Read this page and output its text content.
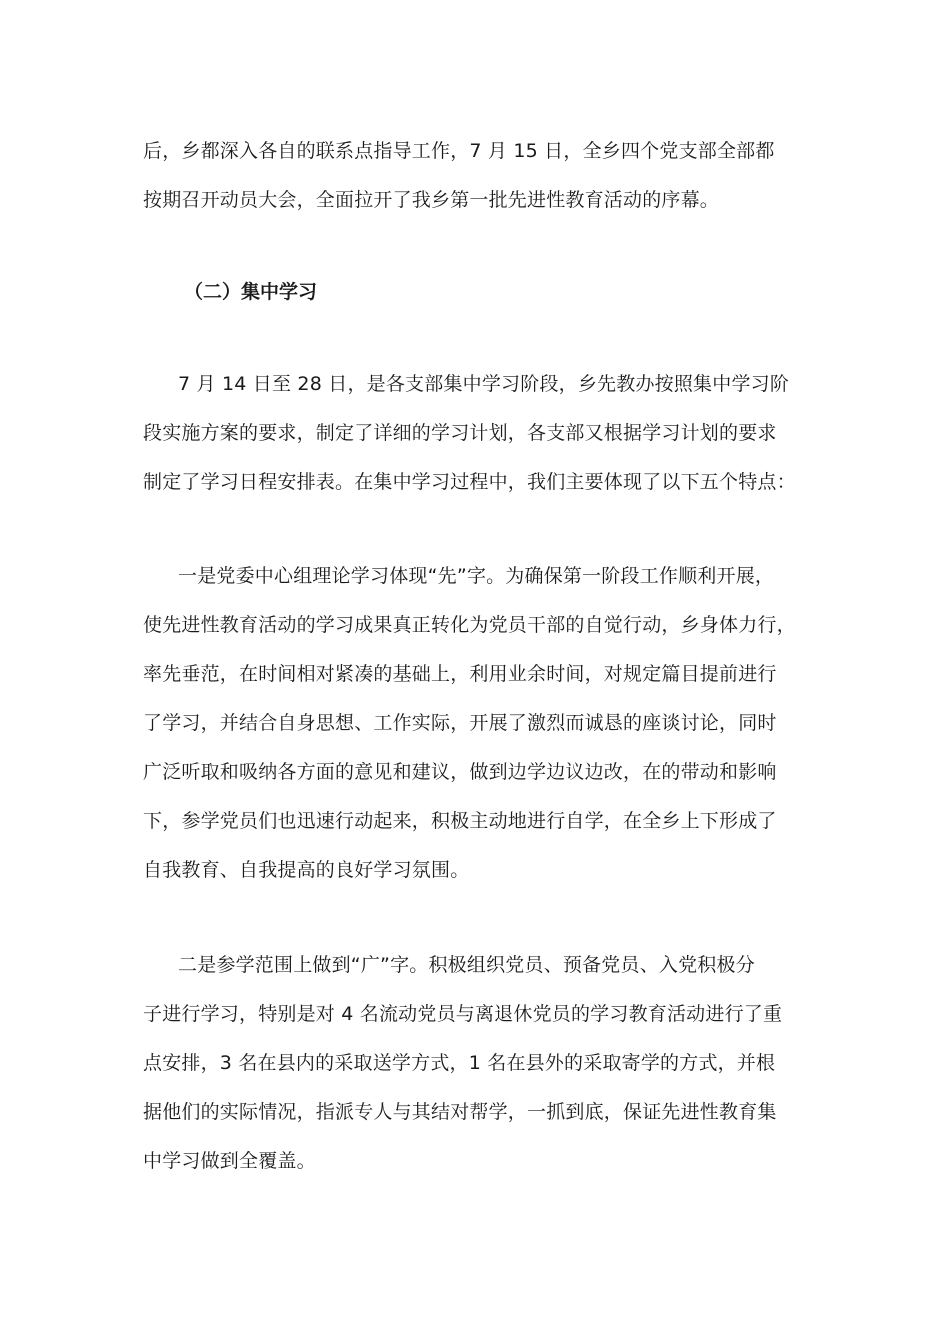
后，乡都深入各自的联系点指导工作，7 月 15 日，全乡四个党支部全部都
按期召开动员大会，全面拉开了我乡第一批先进性教育活动的序幕。
（二）集中学习
7 月 14 日至 28 日，是各支部集中学习阶段，乡先教办按照集中学习阶
段实施方案的要求，制定了详细的学习计划，各支部又根据学习计划的要求
制定了学习日程安排表。在集中学习过程中，我们主要体现了以下五个特点：
一是党委中心组理论学习体现“先”字。为确保第一阶段工作顺利开展，
使先进性教育活动的学习成果真正转化为党员干部的自觉行动，乡身体力行，
率先垂范，在时间相对紧凑的基础上，利用业余时间，对规定篇目提前进行
了学习，并结合自身思想、工作实际，开展了激烈而诚恳的座谈讨论，同时
广泛听取和吸纳各方面的意见和建议，做到边学边议边改，在的带动和影响
下，参学党员们也迅速行动起来，积极主动地进行自学，在全乡上下形成了
自我教育、自我提高的良好学习氛围。
二是参学范围上做到“广”字。积极组织党员、预备党员、入党积极分
子进行学习，特别是对 4 名流动党员与离退休党员的学习教育活动进行了重
点安排，3 名在县内的采取送学方式，1 名在县外的采取寄学的方式，并根
据他们的实际情况，指派专人与其结对帮学，一抓到底，保证先进性教育集
中学习做到全覆盖。
